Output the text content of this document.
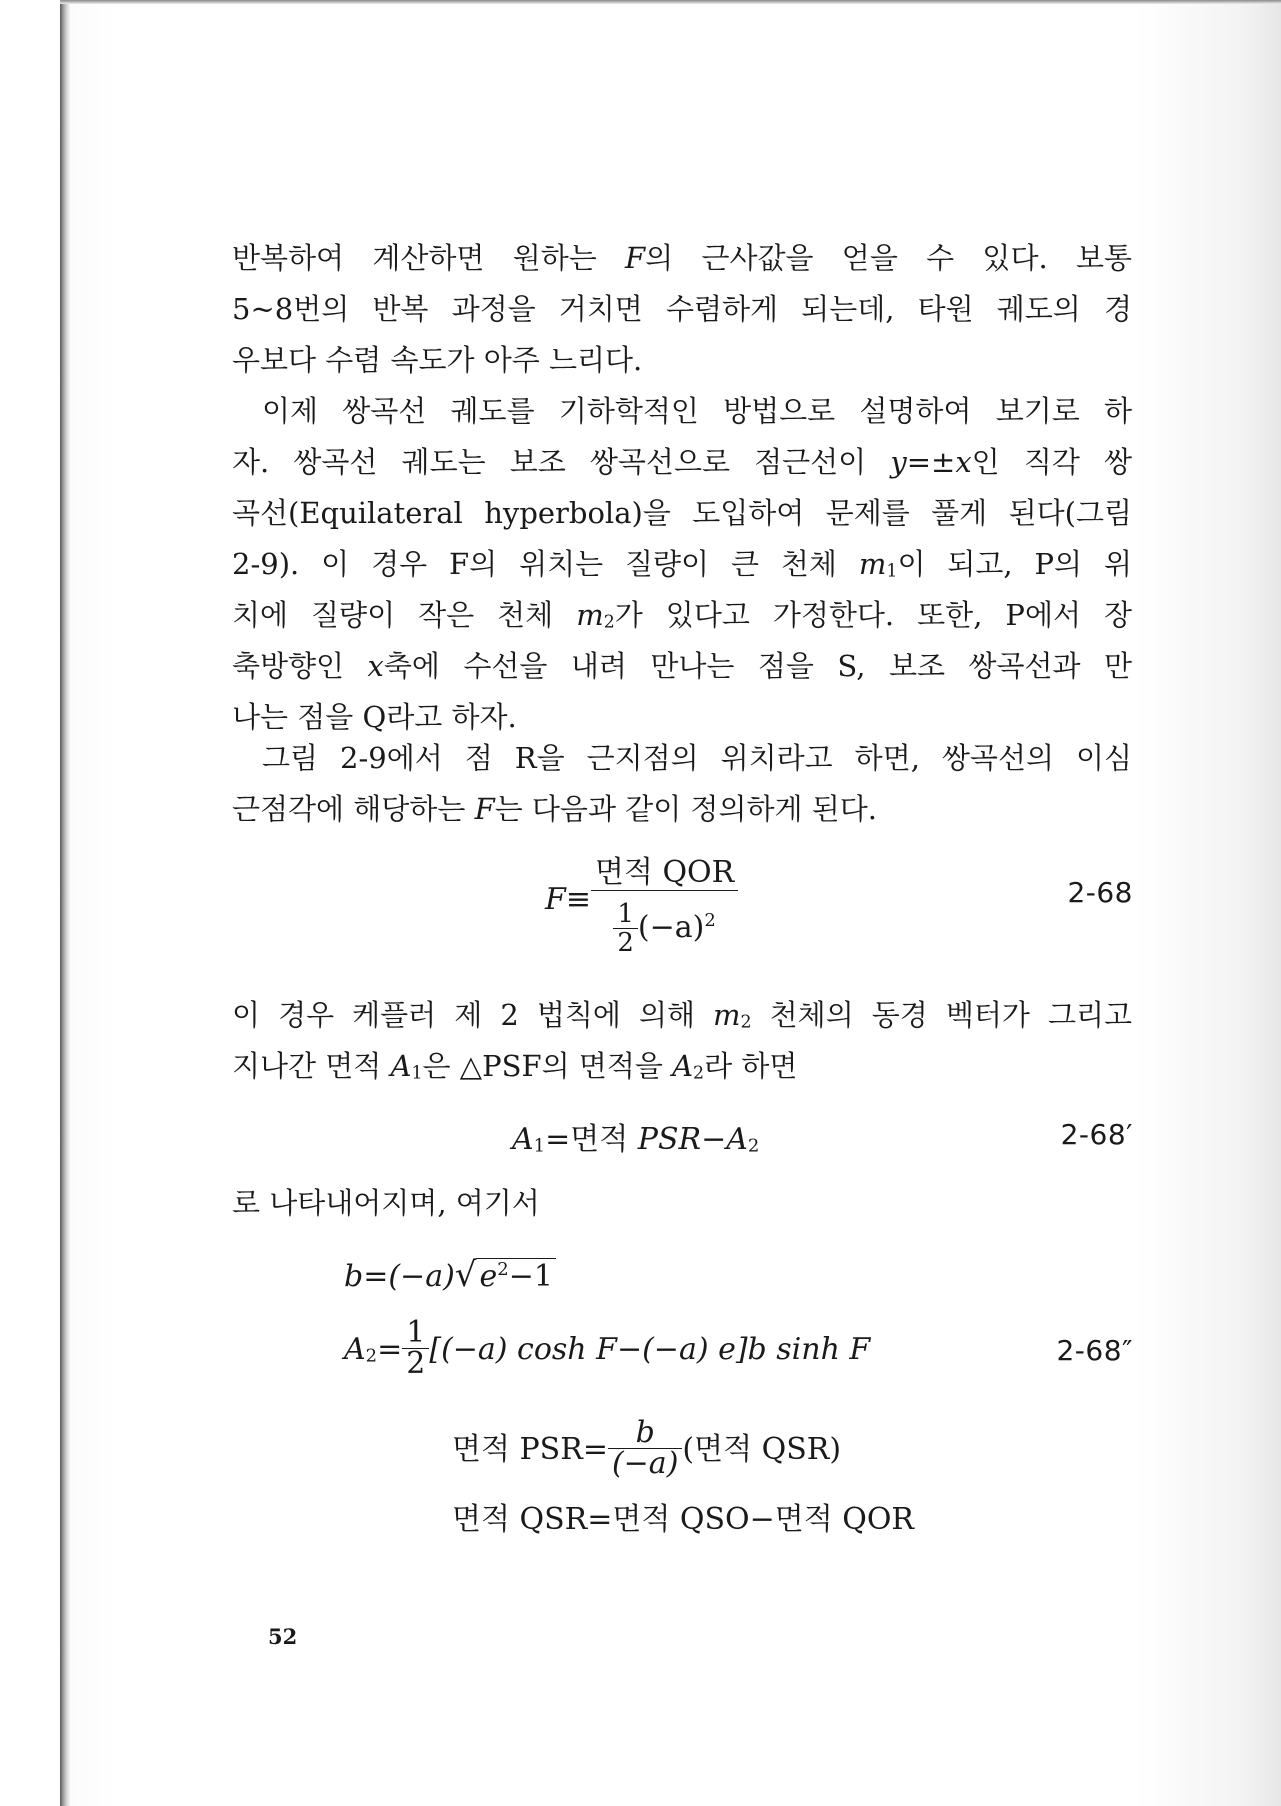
반복하여 계산하면 원하는 F의 근사값을 얻을 수 있다. 보통
5~8번의 반복 과정을 거치면 수렴하게 되는데, 타원 궤도의 경
우보다 수렴 속도가 아주 느리다.
이제 쌍곡선 궤도를 기하학적인 방법으로 설명하여 보기로 하
자. 쌍곡선 궤도는 보조 쌍곡선으로 점근선이 y=±x인 직각 쌍
곡선(Equilateral hyperbola)을 도입하여 문제를 풀게 된다(그림
2-9). 이 경우 F의 위치는 질량이 큰 천체 $m_1$이 되고, P의 위
치에 질량이 작은 천체 $m_2$가 있다고 가정한다. 또한, P에서 장
축방향인 x축에 수선을 내려 만나는 점을 S, 보조 쌍곡선과 만
나는 점을 Q라고 하자.
그림 2-9에서 점 R을 근지점의 위치라고 하면, 쌍곡선의 이심
근점각에 해당하는 F는 다음과 같이 정의하게 된다.
$F\equiv \frac{\text{면적 QOR}}{\frac{1}{2} (-a)^2}$	2-68
이 경우 케플러 제 2 법칙에 의해 $m_2$ 천체의 동경 벡터가 그리고
지나간 면적 $A_1$은 △PSF의 면적을 $A_2$라 하면
$A_1=$면적 $PSR-A_2$	2-68′
로 나타내어지며, 여기서
b=(−a)√ $e^2-1$
$A_2= \frac{1}{2} [(-a)$ cosh F−(−a) e]b sinh F	2-68″
면적 $PSR= \frac{b}{(-a)}$ (면적 QSR)
면적 QSR=면적 QSO−면적 QOR
52
